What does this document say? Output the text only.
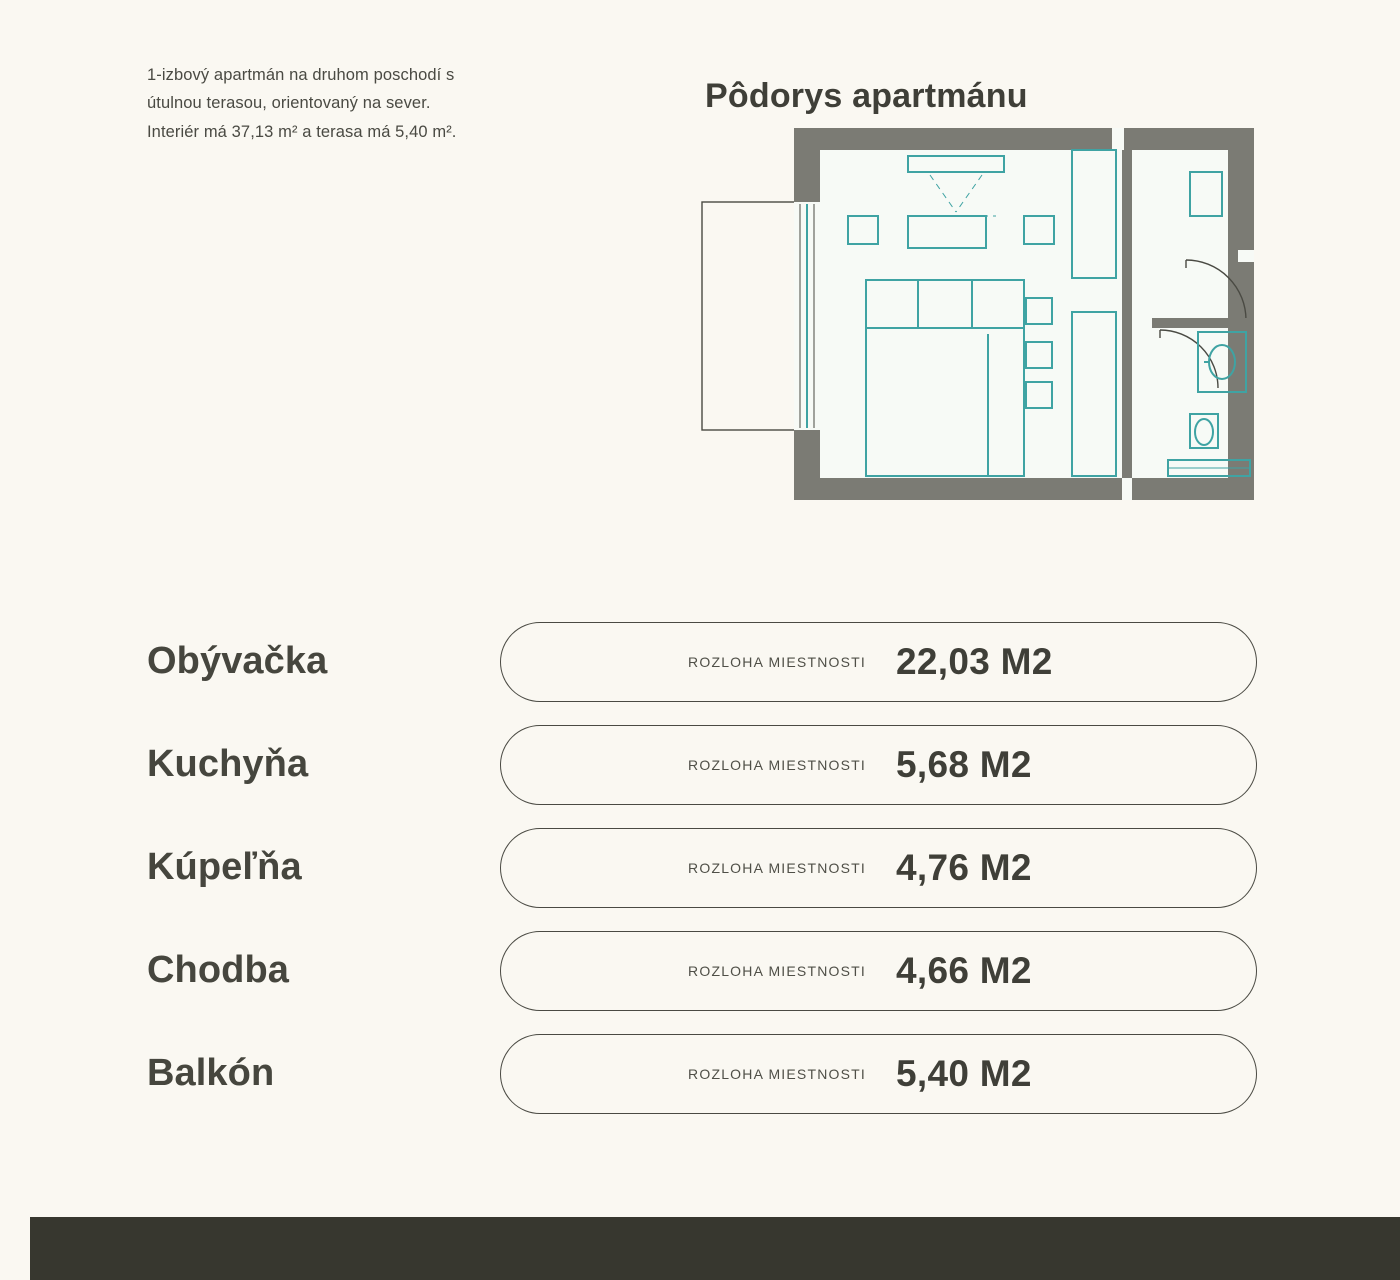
1-izbový apartmán na druhom poschodí s útulnou terasou, orientovaný na sever. Interiér má 37,13 m² a terasa má 5,40 m².

Pôdorys apartmánu
Obývačka	ROZLOHA MIESTNOSTI 22,03 M2
Kuchyňa	ROZLOHA MIESTNOSTI 5,68 M2
Kúpeľňa	ROZLOHA MIESTNOSTI 4,76 M2
Chodba	ROZLOHA MIESTNOSTI 4,66 M2
Balkón	ROZLOHA MIESTNOSTI 5,40 M2
